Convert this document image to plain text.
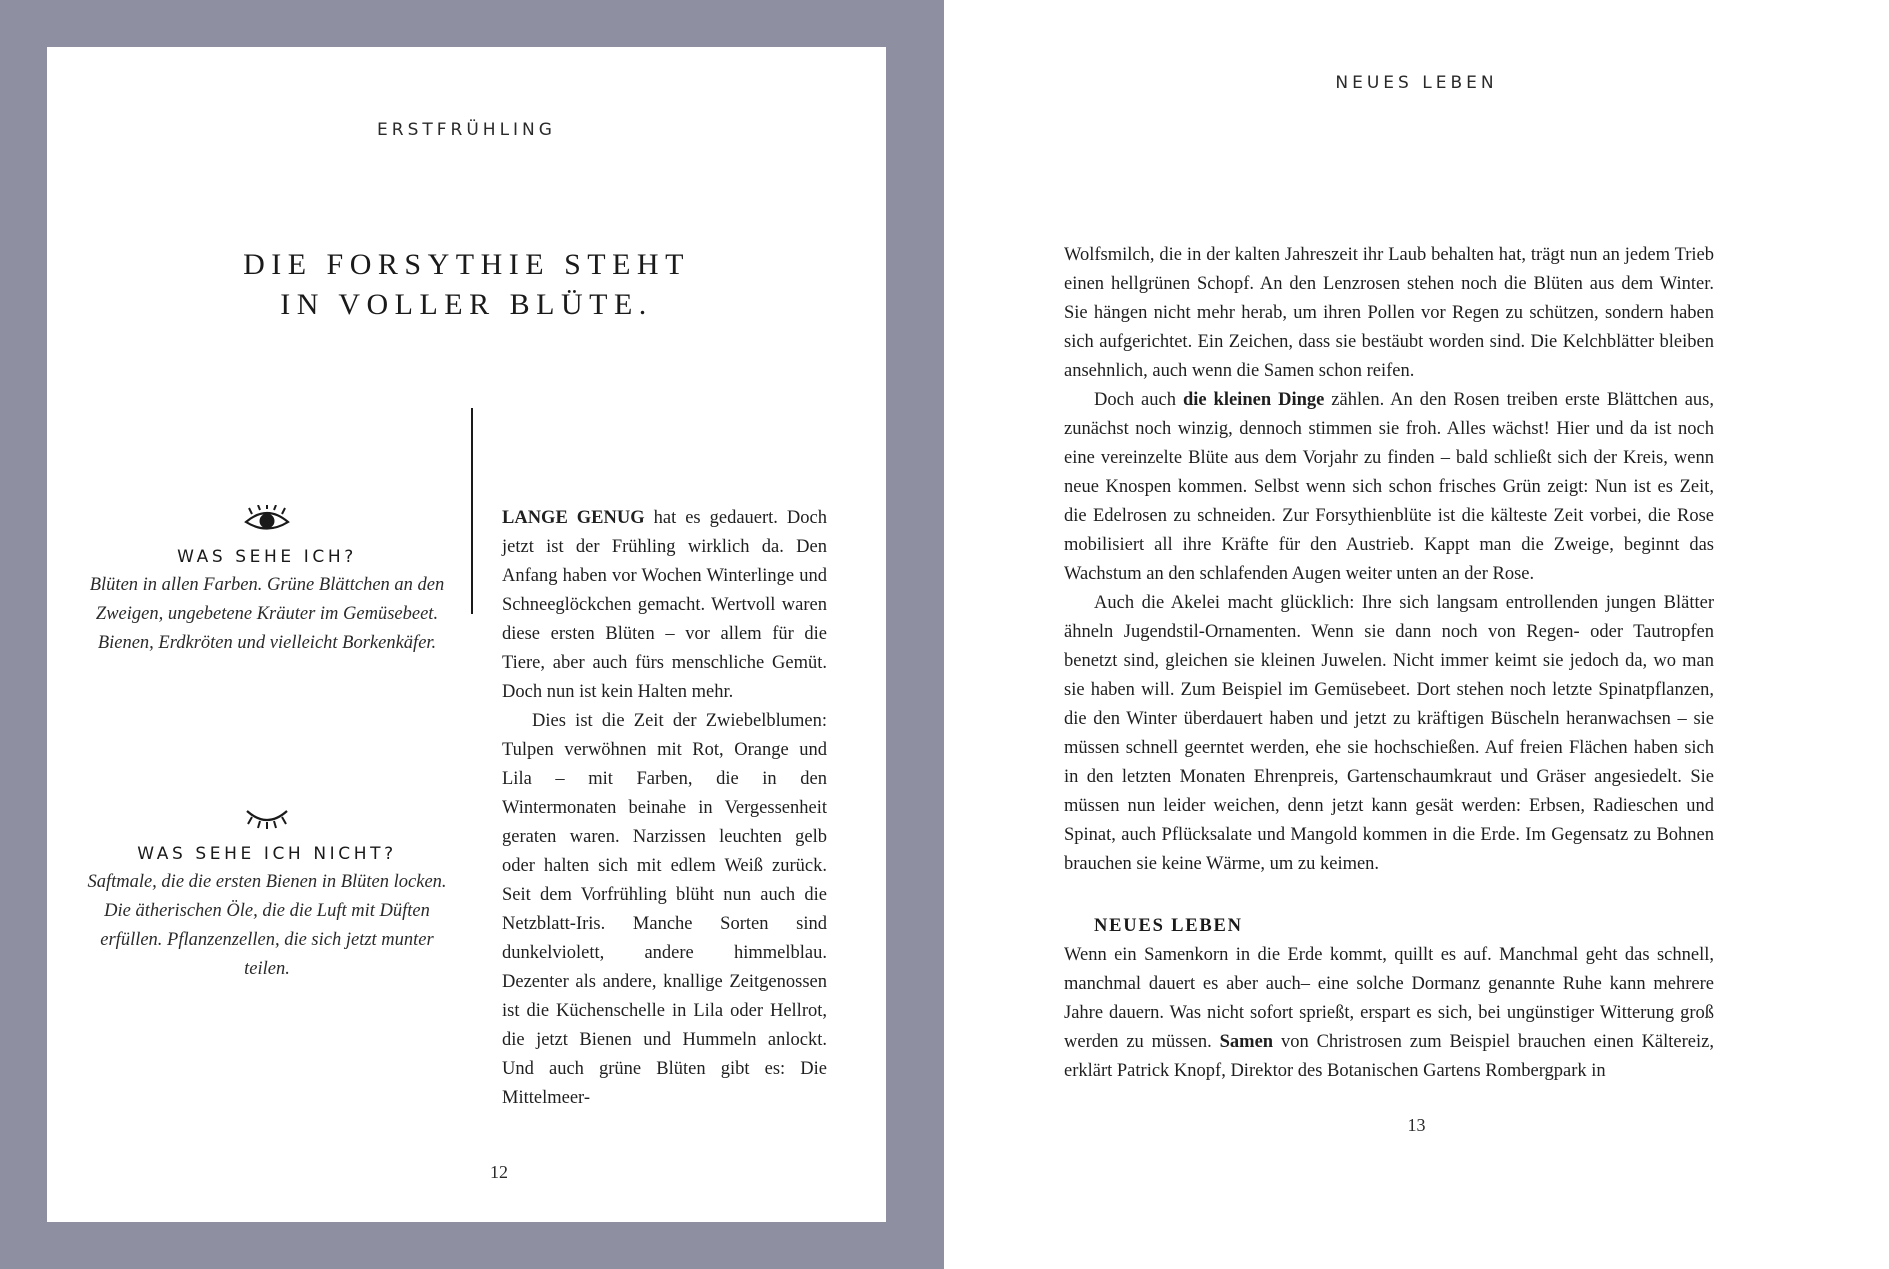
ERSTFRÜHLING
DIE FORSYTHIE STEHT
IN VOLLER BLÜTE.
WAS SEHE ICH?
Blüten in allen Farben. Grüne Blättchen an den Zweigen, ungebetene Kräuter im Gemüsebeet. Bienen, Erdkröten und vielleicht Borkenkäfer.
WAS SEHE ICH NICHT?
Saftmale, die die ersten Bienen in Blüten locken. Die ätherischen Öle, die die Luft mit Düften erfüllen. Pflanzenzellen, die sich jetzt munter teilen.

LANGE GENUG hat es gedauert. Doch jetzt ist der Frühling wirklich da. Den Anfang haben vor Wochen Winterlinge und Schneeglöckchen gemacht. Wertvoll waren diese ersten Blüten – vor allem für die Tiere, aber auch fürs menschliche Gemüt. Doch nun ist kein Halten mehr.

Dies ist die Zeit der Zwiebelblumen: Tulpen verwöhnen mit Rot, Orange und Lila – mit Farben, die in den Wintermonaten beinahe in Vergessenheit geraten waren. Narzissen leuchten gelb oder halten sich mit edlem Weiß zurück. Seit dem Vorfrühling blüht nun auch die Netzblatt-Iris. Manche Sorten sind dunkelviolett, andere himmelblau. Dezenter als andere, knallige Zeitgenossen ist die Küchenschelle in Lila oder Hellrot, die jetzt Bienen und Hummeln anlockt. Und auch grüne Blüten gibt es: Die Mittelmeer-

12
NEUES LEBEN

Wolfsmilch, die in der kalten Jahreszeit ihr Laub behalten hat, trägt nun an jedem Trieb einen hellgrünen Schopf. An den Lenzrosen stehen noch die Blüten aus dem Winter. Sie hängen nicht mehr herab, um ihren Pollen vor Regen zu schützen, sondern haben sich aufgerichtet. Ein Zeichen, dass sie bestäubt worden sind. Die Kelchblätter bleiben ansehnlich, auch wenn die Samen schon reifen.

Doch auch die kleinen Dinge zählen. An den Rosen treiben erste Blättchen aus, zunächst noch winzig, dennoch stimmen sie froh. Alles wächst! Hier und da ist noch eine vereinzelte Blüte aus dem Vorjahr zu finden – bald schließt sich der Kreis, wenn neue Knospen kommen. Selbst wenn sich schon frisches Grün zeigt: Nun ist es Zeit, die Edelrosen zu schneiden. Zur Forsythienblüte ist die kälteste Zeit vorbei, die Rose mobilisiert all ihre Kräfte für den Austrieb. Kappt man die Zweige, beginnt das Wachstum an den schlafenden Augen weiter unten an der Rose.

Auch die Akelei macht glücklich: Ihre sich langsam entrollenden jungen Blätter ähneln Jugendstil-Ornamenten. Wenn sie dann noch von Regen- oder Tautropfen benetzt sind, gleichen sie kleinen Juwelen. Nicht immer keimt sie jedoch da, wo man sie haben will. Zum Beispiel im Gemüsebeet. Dort stehen noch letzte Spinatpflanzen, die den Winter überdauert haben und jetzt zu kräftigen Büscheln heranwachsen – sie müssen schnell geerntet werden, ehe sie hochschießen. Auf freien Flächen haben sich in den letzten Monaten Ehrenpreis, Gartenschaumkraut und Gräser angesiedelt. Sie müssen nun leider weichen, denn jetzt kann gesät werden: Erbsen, Radieschen und Spinat, auch Pflücksalate und Mangold kommen in die Erde. Im Gegensatz zu Bohnen brauchen sie keine Wärme, um zu keimen.

NEUES LEBEN

Wenn ein Samenkorn in die Erde kommt, quillt es auf. Manchmal geht das schnell, manchmal dauert es aber auch– eine solche Dormanz genannte Ruhe kann mehrere Jahre dauern. Was nicht sofort sprießt, erspart es sich, bei ungünstiger Witterung groß werden zu müssen. Samen von Christrosen zum Beispiel brauchen einen Kältereiz, erklärt Patrick Knopf, Direktor des Botanischen Gartens Rombergpark in

13
